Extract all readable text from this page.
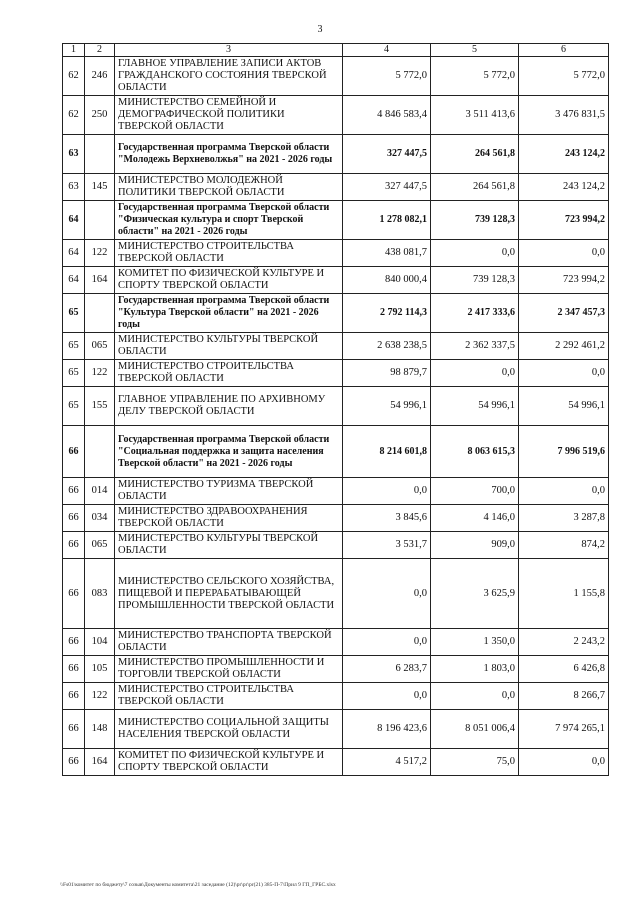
3
1	2	3	4	5	6
62	246	ГЛАВНОЕ УПРАВЛЕНИЕ ЗАПИСИ АКТОВ ГРАЖДАНСКОГО СОСТОЯНИЯ ТВЕРСКОЙ ОБЛАСТИ	5 772,0	5 772,0	5 772,0
62	250	МИНИСТЕРСТВО СЕМЕЙНОЙ И ДЕМОГРАФИЧЕСКОЙ ПОЛИТИКИ ТВЕРСКОЙ ОБЛАСТИ	4 846 583,4	3 511 413,6	3 476 831,5
63		Государственная программа Тверской области "Молодежь Верхневолжья" на 2021 - 2026 годы	327 447,5	264 561,8	243 124,2
63	145	МИНИСТЕРСТВО МОЛОДЕЖНОЙ ПОЛИТИКИ ТВЕРСКОЙ ОБЛАСТИ	327 447,5	264 561,8	243 124,2
64		Государственная программа Тверской области "Физическая культура и спорт Тверской области" на 2021 - 2026 годы	1 278 082,1	739 128,3	723 994,2
64	122	МИНИСТЕРСТВО СТРОИТЕЛЬСТВА ТВЕРСКОЙ ОБЛАСТИ	438 081,7	0,0	0,0
64	164	КОМИТЕТ ПО ФИЗИЧЕСКОЙ КУЛЬТУРЕ И СПОРТУ ТВЕРСКОЙ ОБЛАСТИ	840 000,4	739 128,3	723 994,2
65		Государственная программа Тверской области "Культура Тверской области" на 2021 - 2026 годы	2 792 114,3	2 417 333,6	2 347 457,3
65	065	МИНИСТЕРСТВО КУЛЬТУРЫ ТВЕРСКОЙ ОБЛАСТИ	2 638 238,5	2 362 337,5	2 292 461,2
65	122	МИНИСТЕРСТВО СТРОИТЕЛЬСТВА ТВЕРСКОЙ ОБЛАСТИ	98 879,7	0,0	0,0
65	155	ГЛАВНОЕ УПРАВЛЕНИЕ ПО АРХИВНОМУ ДЕЛУ ТВЕРСКОЙ ОБЛАСТИ	54 996,1	54 996,1	54 996,1
66		Государственная программа Тверской области "Социальная поддержка и защита населения Тверской области" на 2021 - 2026 годы	8 214 601,8	8 063 615,3	7 996 519,6
66	014	МИНИСТЕРСТВО ТУРИЗМА ТВЕРСКОЙ ОБЛАСТИ	0,0	700,0	0,0
66	034	МИНИСТЕРСТВО ЗДРАВООХРАНЕНИЯ ТВЕРСКОЙ ОБЛАСТИ	3 845,6	4 146,0	3 287,8
66	065	МИНИСТЕРСТВО КУЛЬТУРЫ ТВЕРСКОЙ ОБЛАСТИ	3 531,7	909,0	874,2
66	083	МИНИСТЕРСТВО СЕЛЬСКОГО ХОЗЯЙСТВА, ПИЩЕВОЙ И ПЕРЕРАБАТЫВАЮЩЕЙ ПРОМЫШЛЕННОСТИ ТВЕРСКОЙ ОБЛАСТИ	0,0	3 625,9	1 155,8
66	104	МИНИСТЕРСТВО ТРАНСПОРТА ТВЕРСКОЙ ОБЛАСТИ	0,0	1 350,0	2 243,2
66	105	МИНИСТЕРСТВО ПРОМЫШЛЕННОСТИ И ТОРГОВЛИ ТВЕРСКОЙ ОБЛАСТИ	6 283,7	1 803,0	6 426,8
66	122	МИНИСТЕРСТВО СТРОИТЕЛЬСТВА ТВЕРСКОЙ ОБЛАСТИ	0,0	0,0	8 266,7
66	148	МИНИСТЕРСТВО СОЦИАЛЬНОЙ ЗАЩИТЫ НАСЕЛЕНИЯ ТВЕРСКОЙ ОБЛАСТИ	8 196 423,6	8 051 006,4	7 974 265,1
66	164	КОМИТЕТ ПО ФИЗИЧЕСКОЙ КУЛЬТУРЕ И СПОРТУ ТВЕРСКОЙ ОБЛАСТИ	4 517,2	75,0	0,0
\\Fs01\комитет по бюджету\7 созыв\Документы комитета\21 заседание (12)\pr\pr\pr(21) 385-П-7\Прил 9 ГП_ГРБС.xlsx
